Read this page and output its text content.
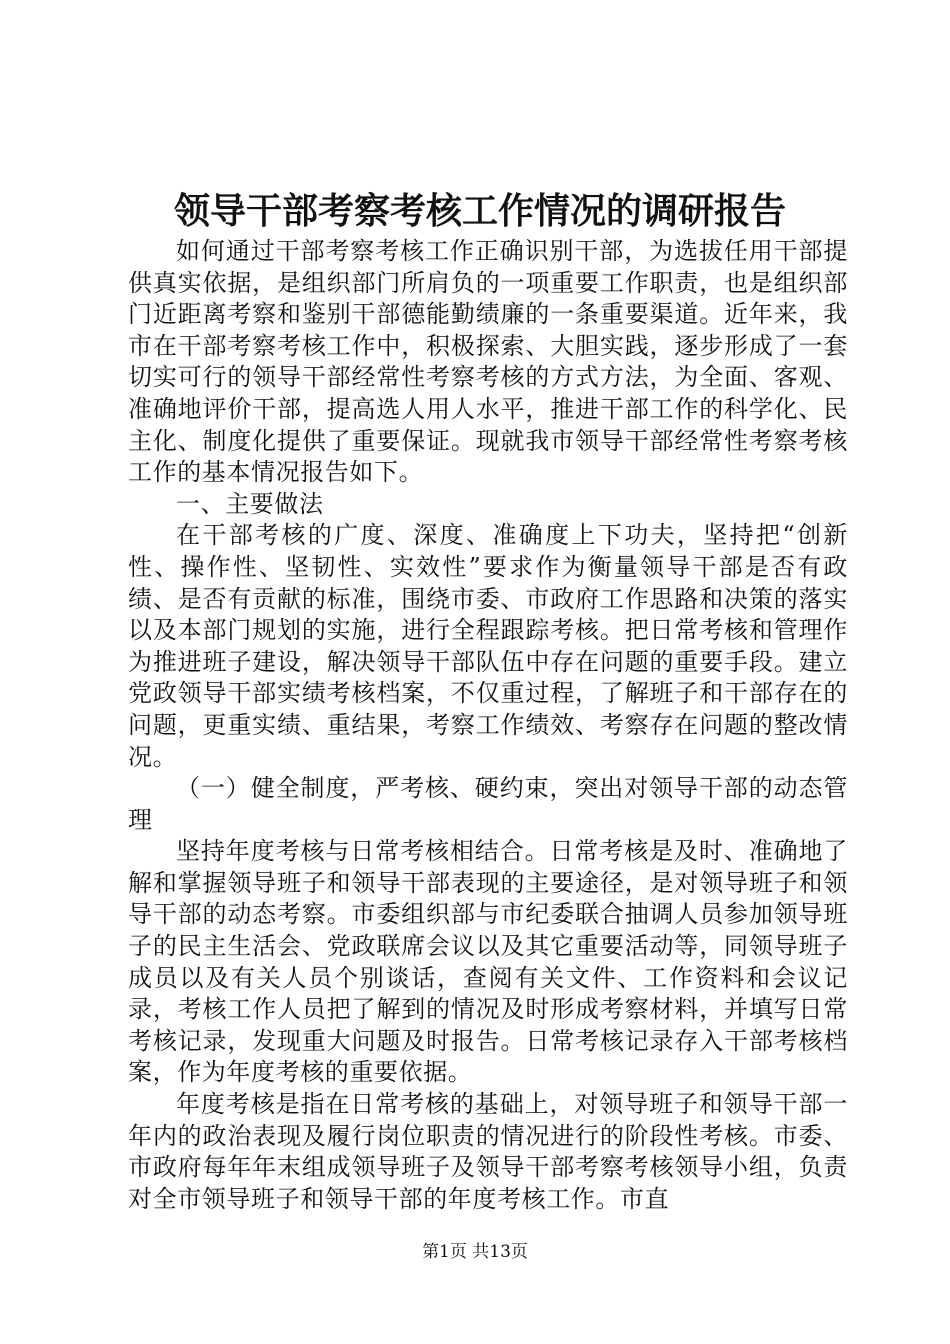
领导干部考察考核工作情况的调研报告

如何通过干部考察考核工作正确识别干部，为选拔任用干部提供真实依据，是组织部门所肩负的一项重要工作职责，也是组织部门近距离考察和鉴别干部德能勤绩廉的一条重要渠道。近年来，我市在干部考察考核工作中，积极探索、大胆实践，逐步形成了一套切实可行的领导干部经常性考察考核的方式方法，为全面、客观、准确地评价干部，提高选人用人水平，推进干部工作的科学化、民主化、制度化提供了重要保证。现就我市领导干部经常性考察考核工作的基本情况报告如下。

一、主要做法

在干部考核的广度、深度、准确度上下功夫，坚持把“创新性、操作性、坚韧性、实效性”要求作为衡量领导干部是否有政绩、是否有贡献的标准，围绕市委、市政府工作思路和决策的落实以及本部门规划的实施，进行全程跟踪考核。把日常考核和管理作为推进班子建设，解决领导干部队伍中存在问题的重要手段。建立党政领导干部实绩考核档案，不仅重过程，了解班子和干部存在的问题，更重实绩、重结果，考察工作绩效、考察存在问题的整改情况。

（一）健全制度，严考核、硬约束，突出对领导干部的动态管理

坚持年度考核与日常考核相结合。日常考核是及时、准确地了解和掌握领导班子和领导干部表现的主要途径，是对领导班子和领导干部的动态考察。市委组织部与市纪委联合抽调人员参加领导班子的民主生活会、党政联席会议以及其它重要活动等，同领导班子成员以及有关人员个别谈话，查阅有关文件、工作资料和会议记录，考核工作人员把了解到的情况及时形成考察材料，并填写日常考核记录，发现重大问题及时报告。日常考核记录存入干部考核档案，作为年度考核的重要依据。

年度考核是指在日常考核的基础上，对领导班子和领导干部一年内的政治表现及履行岗位职责的情况进行的阶段性考核。市委、市政府每年年末组成领导班子及领导干部考察考核领导小组，负责对全市领导班子和领导干部的年度考核工作。市直

第1页 共13页
